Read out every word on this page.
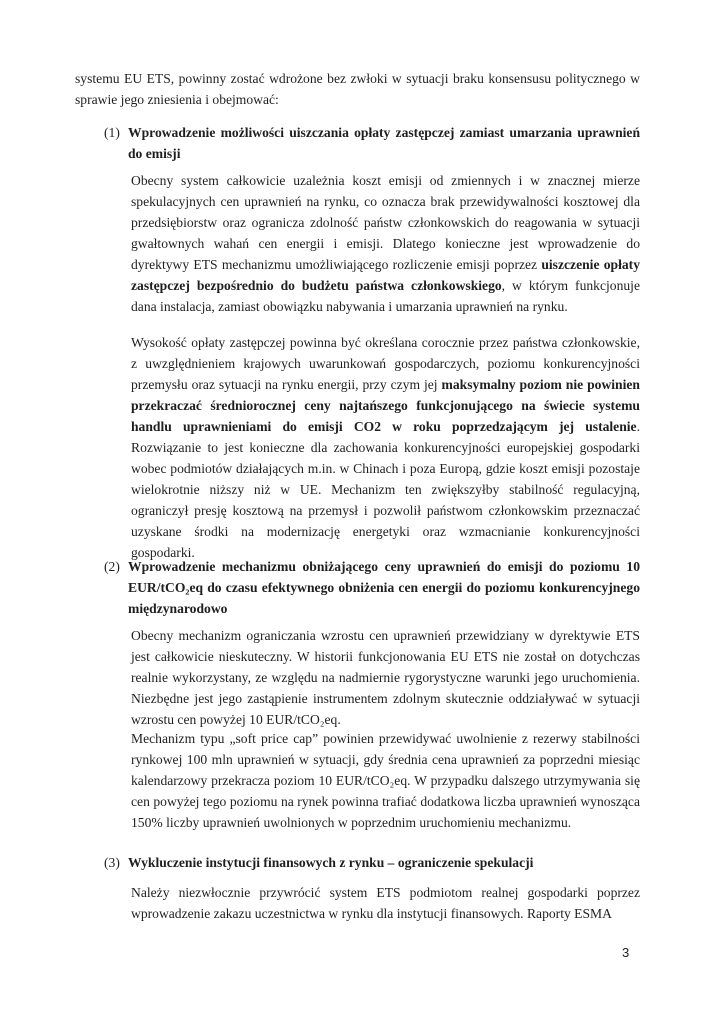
systemu EU ETS, powinny zostać wdrożone bez zwłoki w sytuacji braku konsensusu politycznego w sprawie jego zniesienia i obejmować:

(1) Wprowadzenie możliwości uiszczania opłaty zastępczej zamiast umarzania uprawnień do emisji

Obecny system całkowicie uzależnia koszt emisji od zmiennych i w znacznej mierze spekulacyjnych cen uprawnień na rynku, co oznacza brak przewidywalności kosztowej dla przedsiębiorstw oraz ogranicza zdolność państw członkowskich do reagowania w sytuacji gwałtownych wahań cen energii i emisji. Dlatego konieczne jest wprowadzenie do dyrektywy ETS mechanizmu umożliwiającego rozliczenie emisji poprzez uiszczenie opłaty zastępczej bezpośrednio do budżetu państwa członkowskiego, w którym funkcjonuje dana instalacja, zamiast obowiązku nabywania i umarzania uprawnień na rynku.

Wysokość opłaty zastępczej powinna być określana corocznie przez państwa członkowskie, z uwzględnieniem krajowych uwarunkowań gospodarczych, poziomu konkurencyjności przemysłu oraz sytuacji na rynku energii, przy czym jej maksymalny poziom nie powinien przekraczać średniorocznej ceny najtańszego funkcjonującego na świecie systemu handlu uprawnieniami do emisji CO2 w roku poprzedzającym jej ustalenie. Rozwiązanie to jest konieczne dla zachowania konkurencyjności europejskiej gospodarki wobec podmiotów działających m.in. w Chinach i poza Europą, gdzie koszt emisji pozostaje wielokrotnie niższy niż w UE. Mechanizm ten zwiększyłby stabilność regulacyjną, ograniczył presję kosztową na przemysł i pozwolił państwom członkowskim przeznaczać uzyskane środki na modernizację energetyki oraz wzmacnianie konkurencyjności gospodarki.

(2) Wprowadzenie mechanizmu obniżającego ceny uprawnień do emisji do poziomu 10 EUR/tCO₂eq do czasu efektywnego obniżenia cen energii do poziomu konkurencyjnego międzynarodowo

Obecny mechanizm ograniczania wzrostu cen uprawnień przewidziany w dyrektywie ETS jest całkowicie nieskuteczny. W historii funkcjonowania EU ETS nie został on dotychczas realnie wykorzystany, ze względu na nadmiernie rygorystyczne warunki jego uruchomienia. Niezbędne jest jego zastąpienie instrumentem zdolnym skutecznie oddziaływać w sytuacji wzrostu cen powyżej 10 EUR/tCO₂eq.

Mechanizm typu „soft price cap” powinien przewidywać uwolnienie z rezerwy stabilności rynkowej 100 mln uprawnień w sytuacji, gdy średnia cena uprawnień za poprzedni miesiąc kalendarzowy przekracza poziom 10 EUR/tCO₂eq. W przypadku dalszego utrzymywania się cen powyżej tego poziomu na rynek powinna trafiać dodatkowa liczba uprawnień wynosząca 150% liczby uprawnień uwolnionych w poprzednim uruchomieniu mechanizmu.

(3) Wykluczenie instytucji finansowych z rynku – ograniczenie spekulacji

Należy niezwłocznie przywrócić system ETS podmiotom realnej gospodarki poprzez wprowadzenie zakazu uczestnictwa w rynku dla instytucji finansowych. Raporty ESMA

3
